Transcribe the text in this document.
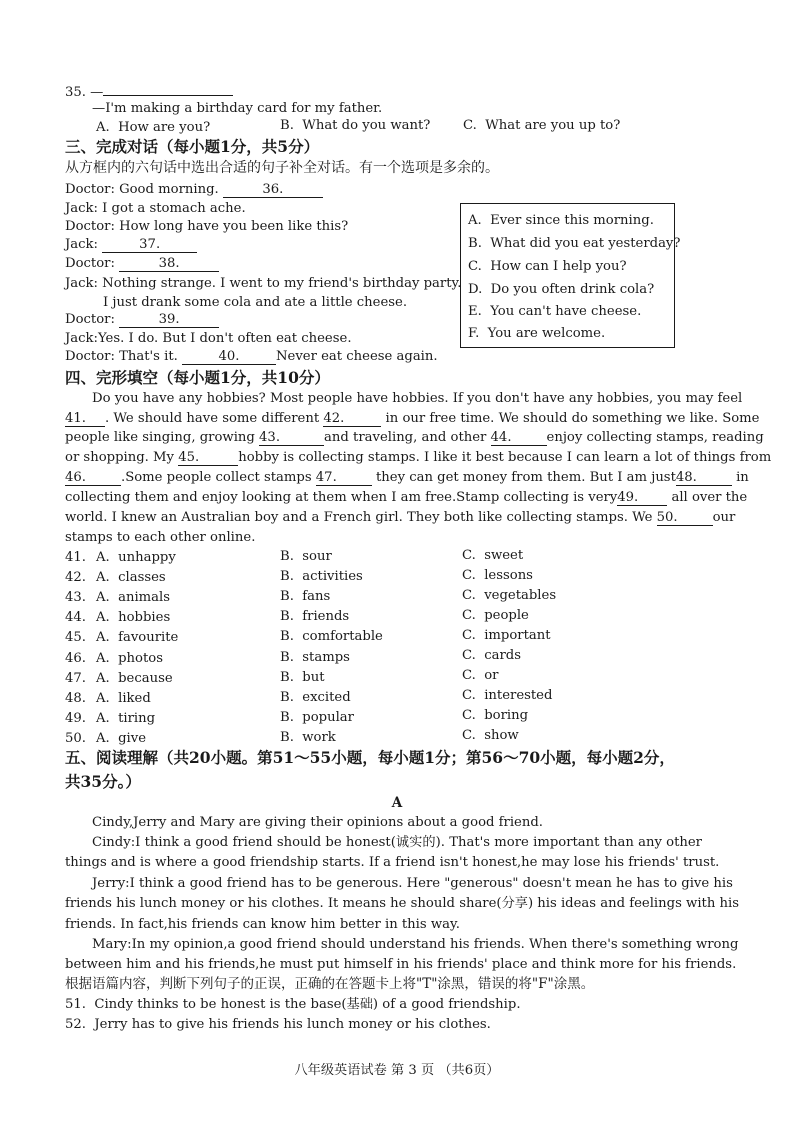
35. —
—I'm making a birthday card for my father.
A.  How are you?	B.  What do you want? C.  What are you up to?
三、完成对话（每小题1分，共5分）
从方框内的六句话中选出合适的句子补全对话。有一个选项是多余的。
Doctor: Good morning.	36.
Jack: I got a stomach ache.
Doctor: How long have you been like this?
Jack:	37.
Doctor:	38.
Jack: Nothing strange. I went to my friend's birthday party.
I just drank some cola and ate a little cheese.
Doctor:	39.
Jack:Yes. I do. But I don't often eat cheese.
Doctor: That's it.	40.	Never eat cheese again.
A.  Ever since this morning.
B.  What did you eat yesterday?
C.  How can I help you?
D.  Do you often drink cola?
E.  You can't have cheese.
F.  You are welcome.
四、完形填空（每小题1分，共10分）
Do you have any hobbies? Most people have hobbies. If you don't have any hobbies, you may feel
41. . We should have some different 42.	in our free time. We should do something we like. Some
people like singing, growing 43.	and traveling, and other 44.	enjoy collecting stamps, reading
or shopping. My 45.	hobby is collecting stamps. I like it best because I can learn a lot of things from
46.	.Some people collect stamps 47.	they can get money from them. But I am just48.	in
collecting them and enjoy looking at them when I am free.Stamp collecting is very49. all over the
world. I knew an Australian boy and a French girl. They both like collecting stamps. We 50.	our
stamps to each other online.
41. A.  unhappy	B.  sour	C.  sweet
42. A.  classes	B.  activities	C.  lessons
43. A.  animals	B.  fans	C.  vegetables
44. A.  hobbies	B.  friends	C.  people
45. A.  favourite	B.  comfortable	C.  important
46. A.  photos	B.  stamps	C.  cards
47. A.  because	B.  but	C.  or
48. A.  liked	B.  excited	C.  interested
49. A.  tiring	B.  popular	C.  boring
50. A.  give	B.  work	C.  show
五、阅读理解（共20小题。第51～55小题，每小题1分；第56～70小题，每小题2分，
共35分。）
A
Cindy,Jerry and Mary are giving their opinions about a good friend.
Cindy:I think a good friend should be honest(诚实的). That's more important than any other
things and is where a good friendship starts. If a friend isn't honest,he may lose his friends' trust.
Jerry:I think a good friend has to be generous. Here "generous" doesn't mean he has to give his
friends his lunch money or his clothes. It means he should share(分享) his ideas and feelings with his
friends. In fact,his friends can know him better in this way.
Mary:In my opinion,a good friend should understand his friends. When there's something wrong
between him and his friends,he must put himself in his friends' place and think more for his friends.
根据语篇内容，判断下列句子的正误，正确的在答题卡上将"T"涂黑，错误的将"F"涂黑。
51.  Cindy thinks to be honest is the base(基础) of a good friendship.
52.  Jerry has to give his friends his lunch money or his clothes.
八年级英语试卷 第 3 页 （共6页）
